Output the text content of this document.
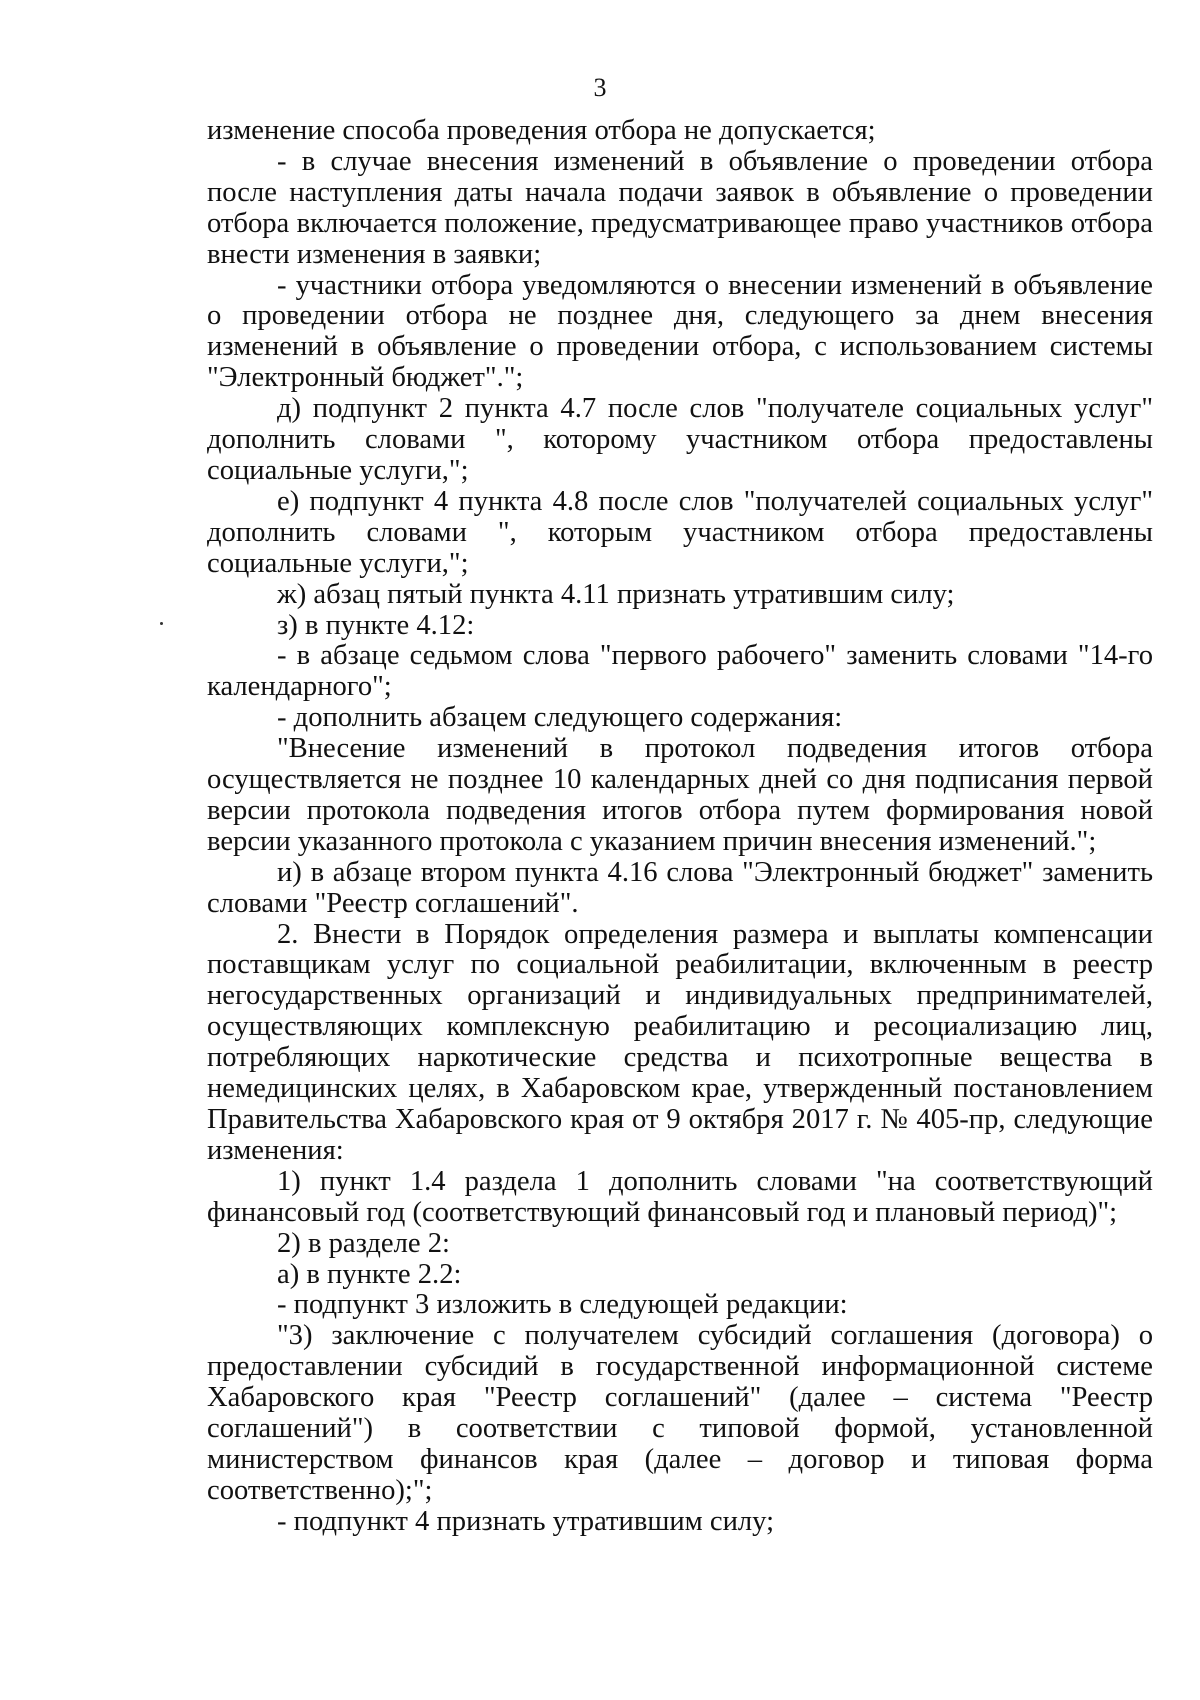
3

изменение способа проведения отбора не допускается;

- в случае внесения изменений в объявление о проведении отбора после наступления даты начала подачи заявок в объявление о проведении отбора включается положение, предусматривающее право участников отбора внести изменения в заявки;

- участники отбора уведомляются о внесении изменений в объявление о проведении отбора не позднее дня, следующего за днем внесения изменений в объявление о проведении отбора, с использованием системы "Электронный бюджет".";

д) подпункт 2 пункта 4.7 после слов "получателе социальных услуг" дополнить словами ", которому участником отбора предоставлены социальные услуги,";

е) подпункт 4 пункта 4.8 после слов "получателей социальных услуг" дополнить словами ", которым участником отбора предоставлены социальные услуги,";

ж) абзац пятый пункта 4.11 признать утратившим силу;

з) в пункте 4.12:

- в абзаце седьмом слова "первого рабочего" заменить словами "14-го календарного";

- дополнить абзацем следующего содержания:

"Внесение изменений в протокол подведения итогов отбора осуществляется не позднее 10 календарных дней со дня подписания первой версии протокола подведения итогов отбора путем формирования новой версии указанного протокола с указанием причин внесения изменений.";

и) в абзаце втором пункта 4.16 слова "Электронный бюджет" заменить словами "Реестр соглашений".

2. Внести в Порядок определения размера и выплаты компенсации поставщикам услуг по социальной реабилитации, включенным в реестр негосударственных организаций и индивидуальных предпринимателей, осуществляющих комплексную реабилитацию и ресоциализацию лиц, потребляющих наркотические средства и психотропные вещества в немедицинских целях, в Хабаровском крае, утвержденный постановлением Правительства Хабаровского края от 9 октября 2017 г. № 405-пр, следующие изменения:

1) пункт 1.4 раздела 1 дополнить словами "на соответствующий финансовый год (соответствующий финансовый год и плановый период)";

2) в разделе 2:

а) в пункте 2.2:

- подпункт 3 изложить в следующей редакции:

"3) заключение с получателем субсидий соглашения (договора) о предоставлении субсидий в государственной информационной системе Хабаровского края "Реестр соглашений" (далее – система "Реестр соглашений") в соответствии с типовой формой, установленной министерством финансов края (далее – договор и типовая форма соответственно);";

- подпункт 4 признать утратившим силу;
